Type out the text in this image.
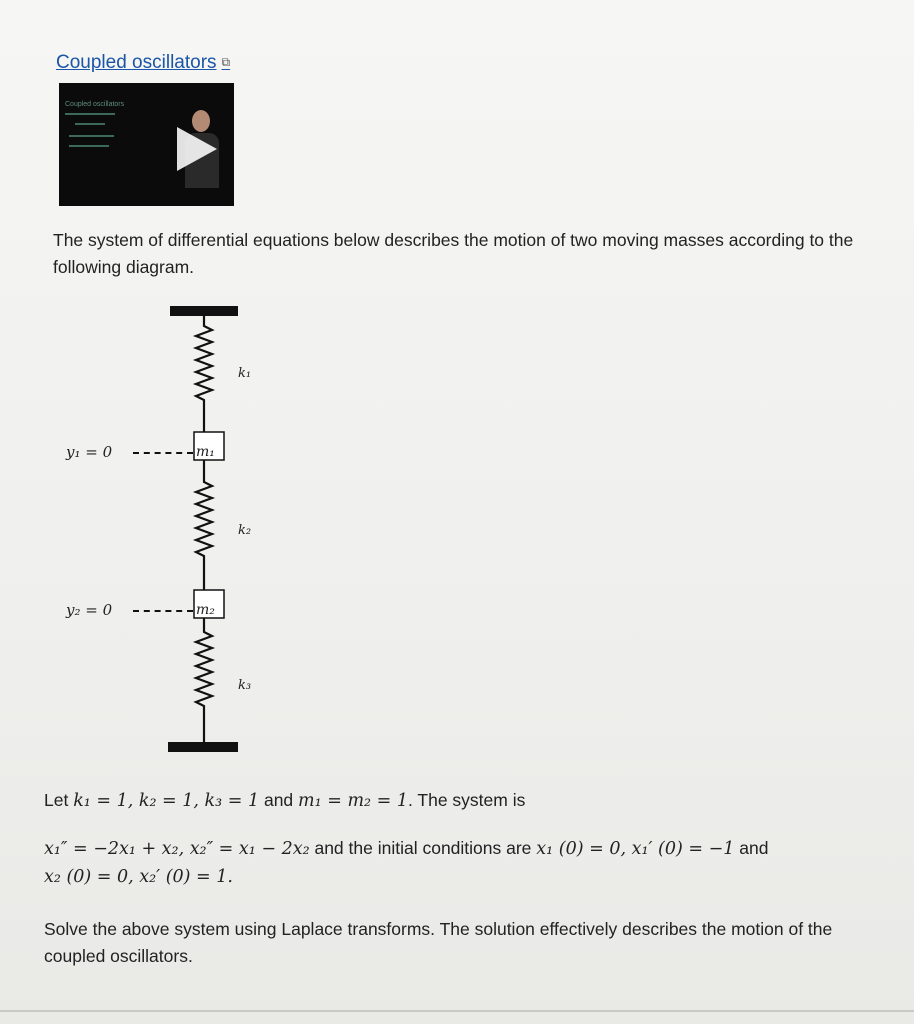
Coupled oscillators ⧉
Coupled oscillators
The system of differential equations below describes the motion of two moving masses according to the following diagram.
k₁
k₂
k₃
m₁
m₂
y₁ = 0
y₂ = 0
Let k₁ = 1, k₂ = 1, k₃ = 1 and m₁ = m₂ = 1. The system is
x₁″ = −2x₁ + x₂, x₂″ = x₁ − 2x₂ and the initial conditions are x₁ (0) = 0, x₁′ (0) = −1 and
x₂ (0) = 0, x₂′ (0) = 1.
Solve the above system using Laplace transforms. The solution effectively describes the motion of the coupled oscillators.
